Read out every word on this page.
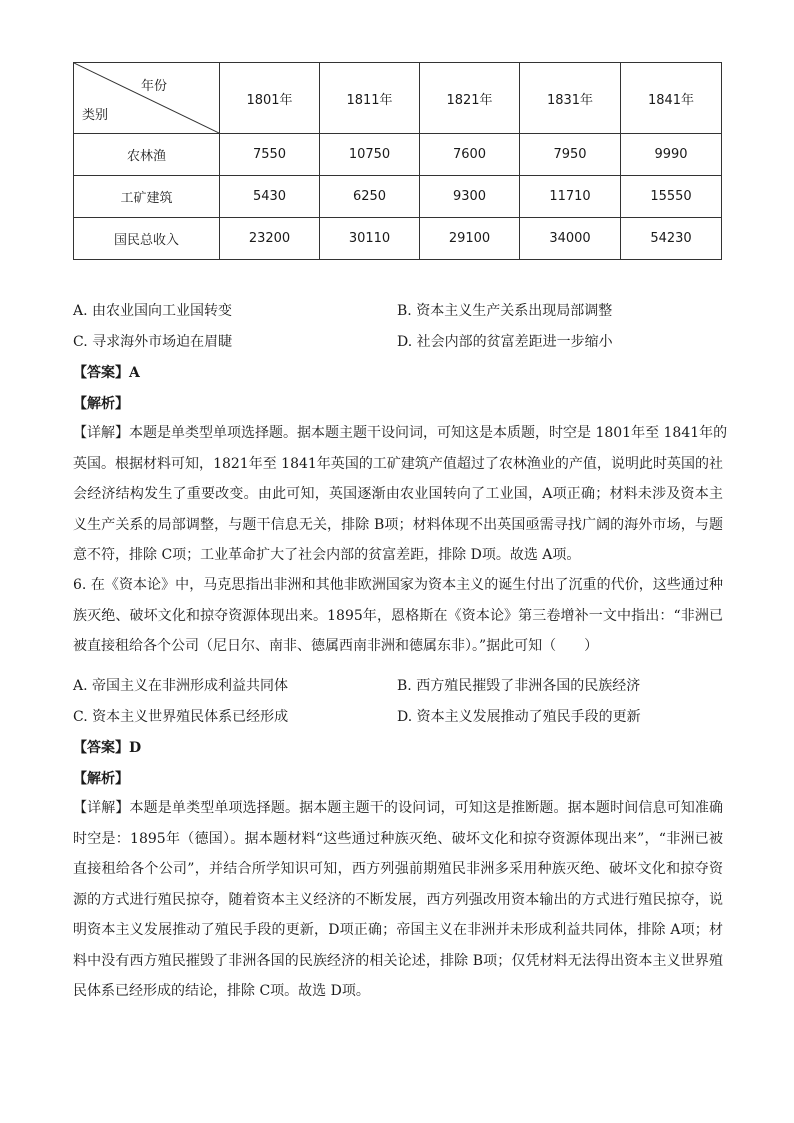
年份
类别	1801年	1811年	1821年	1831年	1841年
农林渔	7550	10750	7600	7950	9990
工矿建筑	5430	6250	9300	11710	15550
国民总收入	23200	30110	29100	34000	54230
A. 由农业国向工业国转变	B. 资本主义生产关系出现局部调整
C. 寻求海外市场迫在眉睫	D. 社会内部的贫富差距进一步缩小
【答案】A
【解析】
【详解】本题是单类型单项选择题。据本题主题干设问词，可知这是本质题，时空是 1801年至 1841年的
英国。根据材料可知，1821年至 1841年英国的工矿建筑产值超过了农林渔业的产值，说明此时英国的社
会经济结构发生了重要改变。由此可知，英国逐渐由农业国转向了工业国，A项正确；材料未涉及资本主
义生产关系的局部调整，与题干信息无关，排除 B项；材料体现不出英国亟需寻找广阔的海外市场，与题
意不符，排除 C项；工业革命扩大了社会内部的贫富差距，排除 D项。故选 A项。
6. 在《资本论》中，马克思指出非洲和其他非欧洲国家为资本主义的诞生付出了沉重的代价，这些通过种
族灭绝、破坏文化和掠夺资源体现出来。1895年，恩格斯在《资本论》第三卷增补一文中指出：“非洲已
被直接租给各个公司（尼日尔、南非、德属西南非洲和德属东非）。”据此可知（　　）
A. 帝国主义在非洲形成利益共同体	B. 西方殖民摧毁了非洲各国的民族经济
C. 资本主义世界殖民体系已经形成	D. 资本主义发展推动了殖民手段的更新
【答案】D
【解析】
【详解】本题是单类型单项选择题。据本题主题干的设问词，可知这是推断题。据本题时间信息可知准确
时空是：1895年（德国）。据本题材料“这些通过种族灭绝、破坏文化和掠夺资源体现出来”，“非洲已被
直接租给各个公司”，并结合所学知识可知，西方列强前期殖民非洲多采用种族灭绝、破坏文化和掠夺资
源的方式进行殖民掠夺，随着资本主义经济的不断发展，西方列强改用资本输出的方式进行殖民掠夺，说
明资本主义发展推动了殖民手段的更新，D项正确；帝国主义在非洲并未形成利益共同体，排除 A项；材
料中没有西方殖民摧毁了非洲各国的民族经济的相关论述，排除 B项；仅凭材料无法得出资本主义世界殖
民体系已经形成的结论，排除 C项。故选 D项。
